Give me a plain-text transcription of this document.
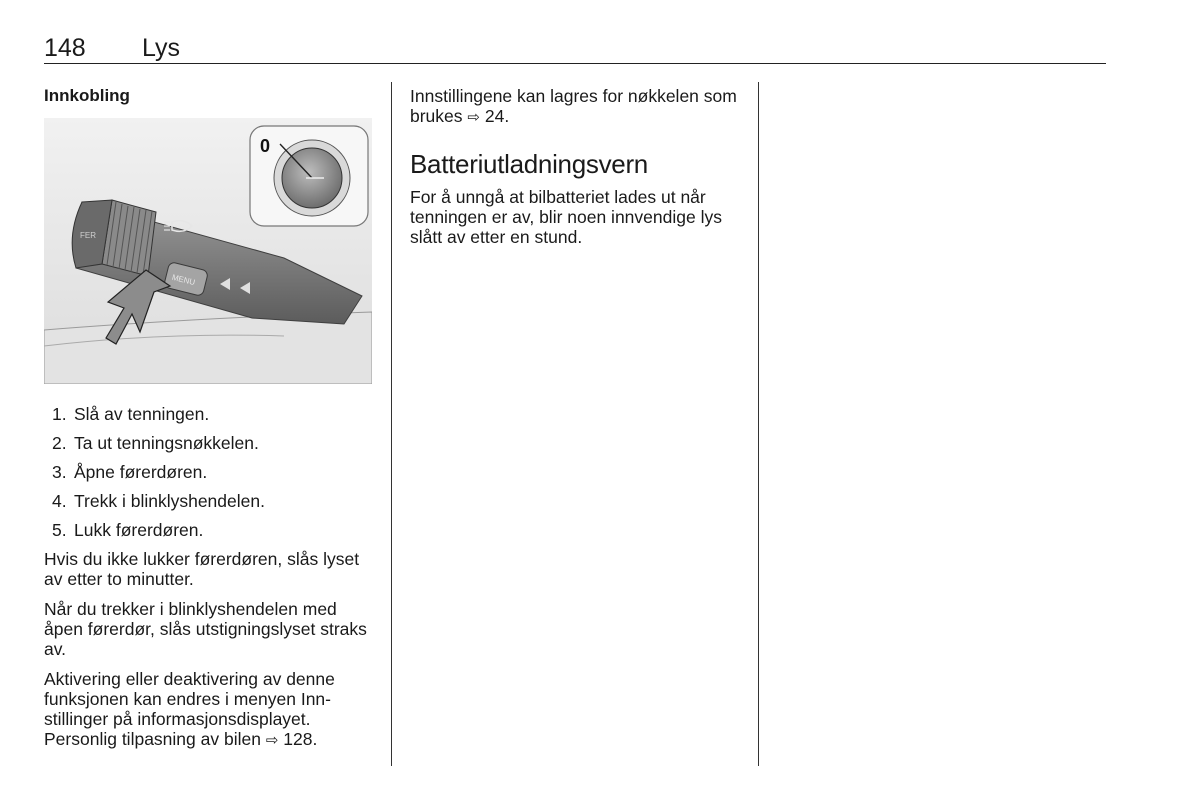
148 Lys
Innkobling
FER
MENU
0
1. Slå av tenningen.
2. Ta ut tenningsnøkkelen.
3. Åpne førerdøren.
4. Trekk i blinklyshendelen.
5. Lukk førerdøren.

Hvis du ikke lukker førerdøren, slås lyset av etter to minutter.

Når du trekker i blinklyshendelen med åpen førerdør, slås utstigningslyset straks av.

Aktivering eller deaktivering av denne funksjonen kan endres i menyen Inn-stillinger på informasjonsdisplayet. Personlig tilpasning av bilen ⇨ 128.

Innstillingene kan lagres for nøkkelen som brukes ⇨ 24.

Batteriutladningsvern

For å unngå at bilbatteriet lades ut når tenningen er av, blir noen innvendige lys slått av etter en stund.
